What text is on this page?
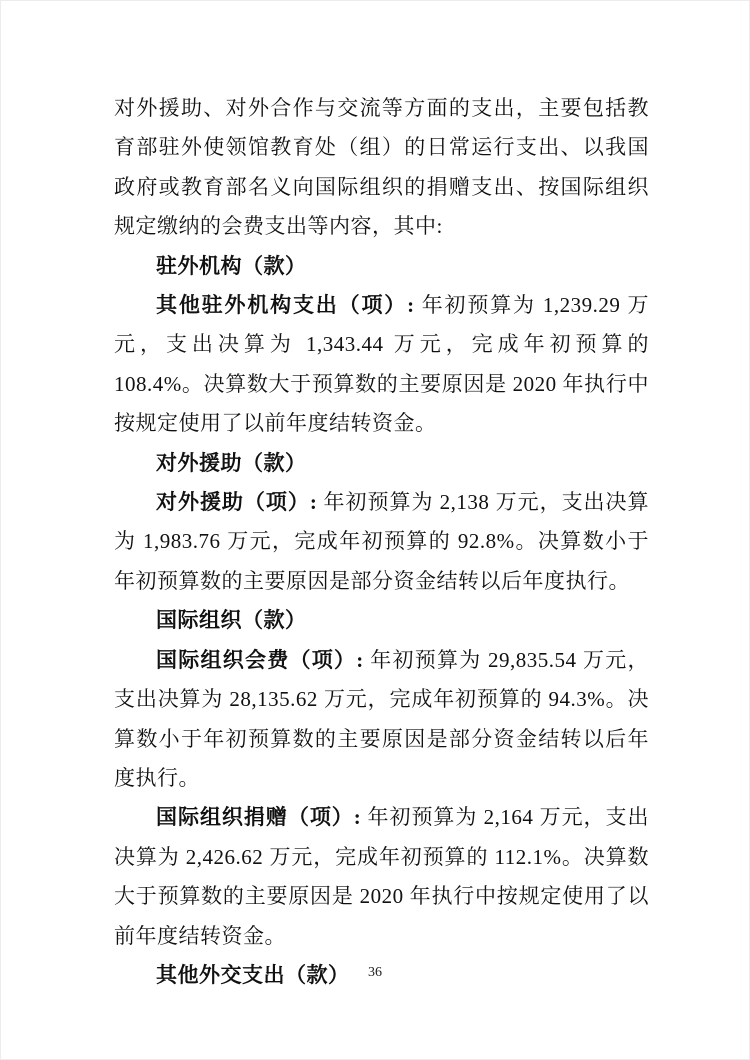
对外援助、对外合作与交流等方面的支出，主要包括教育部驻外使领馆教育处（组）的日常运行支出、以我国政府或教育部名义向国际组织的捐赠支出、按国际组织规定缴纳的会费支出等内容，其中:

驻外机构（款）

其他驻外机构支出（项）: 年初预算为 1,239.29 万元，支出决算为 1,343.44 万元，完成年初预算的 108.4%。决算数大于预算数的主要原因是 2020 年执行中按规定使用了以前年度结转资金。

对外援助（款）

对外援助（项）: 年初预算为 2,138 万元，支出决算为 1,983.76 万元，完成年初预算的 92.8%。决算数小于年初预算数的主要原因是部分资金结转以后年度执行。

国际组织（款）

国际组织会费（项）: 年初预算为 29,835.54 万元，支出决算为 28,135.62 万元，完成年初预算的 94.3%。决算数小于年初预算数的主要原因是部分资金结转以后年度执行。

国际组织捐赠（项）: 年初预算为 2,164 万元，支出决算为 2,426.62 万元，完成年初预算的 112.1%。决算数大于预算数的主要原因是 2020 年执行中按规定使用了以前年度结转资金。

其他外交支出（款）	36
